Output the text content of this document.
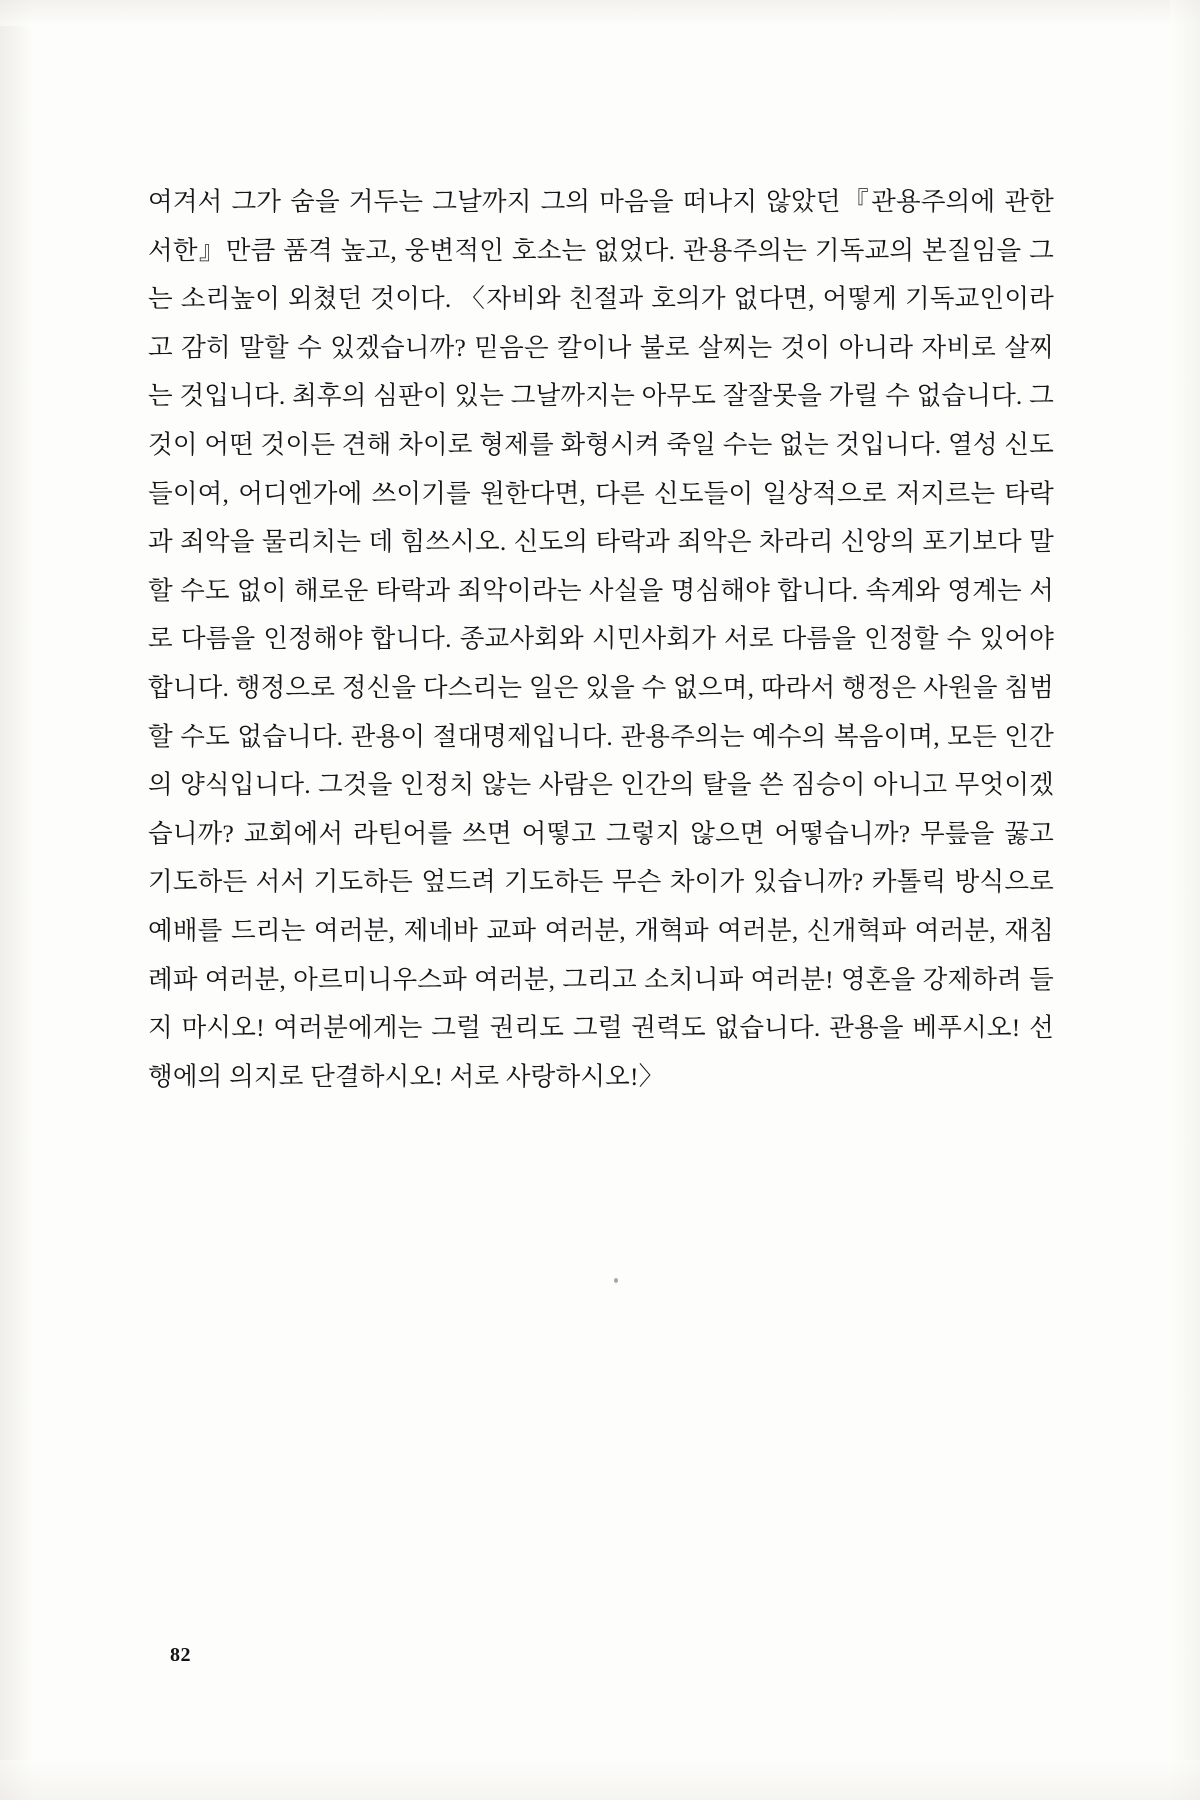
여겨서 그가 숨을 거두는 그날까지 그의 마음을 떠나지 않았던『관용주의에 관한 서한』만큼 품격 높고, 웅변적인 호소는 없었다. 관용주의는 기독교의 본질임을 그는 소리높이 외쳤던 것이다. 〈자비와 친절과 호의가 없다면, 어떻게 기독교인이라고 감히 말할 수 있겠습니까? 믿음은 칼이나 불로 살찌는 것이 아니라 자비로 살찌는 것입니다. 최후의 심판이 있는 그날까지는 아무도 잘잘못을 가릴 수 없습니다. 그것이 어떤 것이든 견해 차이로 형제를 화형시켜 죽일 수는 없는 것입니다. 열성 신도들이여, 어디엔가에 쓰이기를 원한다면, 다른 신도들이 일상적으로 저지르는 타락과 죄악을 물리치는 데 힘쓰시오. 신도의 타락과 죄악은 차라리 신앙의 포기보다 말할 수도 없이 해로운 타락과 죄악이라는 사실을 명심해야 합니다. 속계와 영계는 서로 다름을 인정해야 합니다. 종교사회와 시민사회가 서로 다름을 인정할 수 있어야 합니다. 행정으로 정신을 다스리는 일은 있을 수 없으며, 따라서 행정은 사원을 침범할 수도 없습니다. 관용이 절대명제입니다. 관용주의는 예수의 복음이며, 모든 인간의 양식입니다. 그것을 인정치 않는 사람은 인간의 탈을 쓴 짐승이 아니고 무엇이겠습니까? 교회에서 라틴어를 쓰면 어떻고 그렇지 않으면 어떻습니까? 무릎을 꿇고 기도하든 서서 기도하든 엎드려 기도하든 무슨 차이가 있습니까? 카톨릭 방식으로 예배를 드리는 여러분, 제네바 교파 여러분, 개혁파 여러분, 신개혁파 여러분, 재침례파 여러분, 아르미니우스파 여러분, 그리고 소치니파 여러분! 영혼을 강제하려 들지 마시오! 여러분에게는 그럴 권리도 그럴 권력도 없습니다. 관용을 베푸시오! 선행에의 의지로 단결하시오! 서로 사랑하시오!〉

82
